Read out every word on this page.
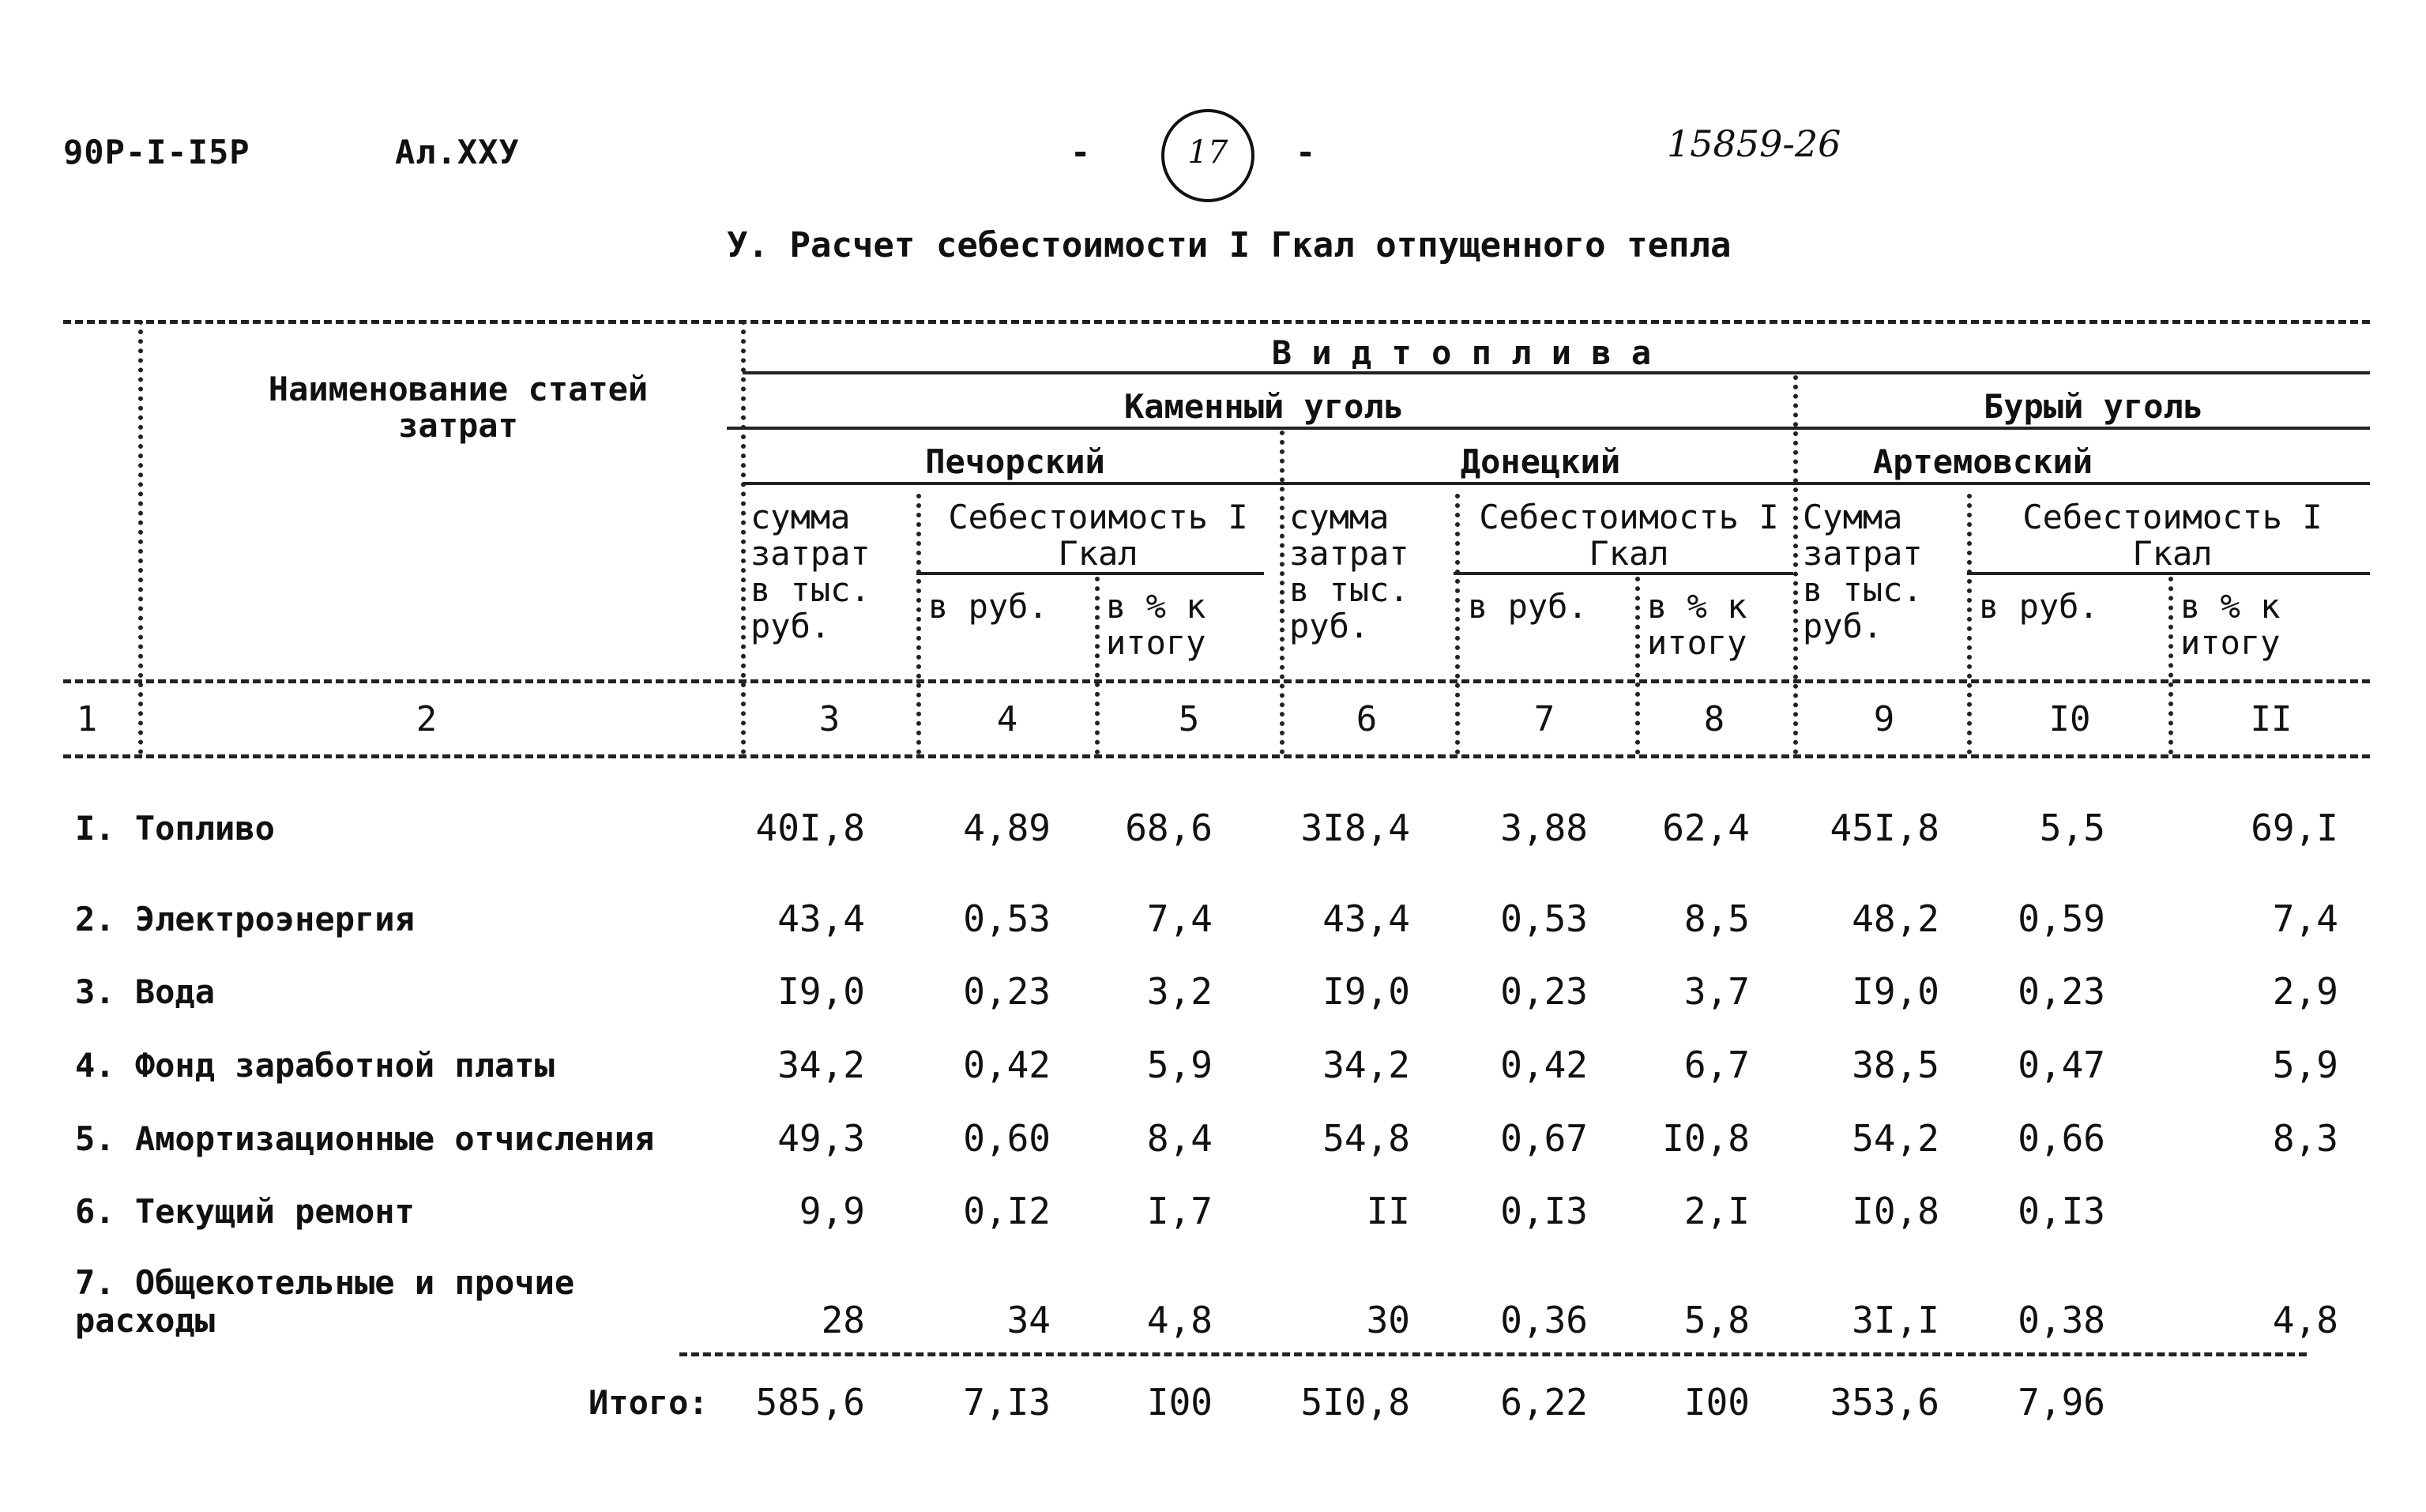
90Р-I-I5Р	Ал.XXУ	-	17	-	15859-26
У. Расчет себестоимости I Гкал отпущенного тепла
Наименование статей затрат
В и д т о п л и в а
Каменный уголь	Бурый уголь
Печорский	Донецкий	Артемовский
сумма затрат в тыс. руб.
Себестоимость I Гкал
в руб. в % к итогу
сумма затрат в тыс. руб.
Себестоимость I Гкал
в руб. в % к итогу
Сумма затрат в тыс. руб.
Себестоимость I Гкал
в руб. в % к итогу
1	2	3	4	5	6	7	8	9	I0	II
I. Топливо	40I,8	4,89	68,6	3I8,4	3,88	62,4	45I,8	5,5	69,I
2. Электроэнергия	43,4	0,53	7,4	43,4	0,53	8,5	48,2	0,59	7,4
3. Вода	I9,0	0,23	3,2	I9,0	0,23	3,7	I9,0	0,23	2,9
4. Фонд заработной платы	34,2	0,42	5,9	34,2	0,42	6,7	38,5	0,47	5,9
5. Амортизационные отчисления	49,3	0,60	8,4	54,8	0,67	I0,8	54,2	0,66	8,3
6. Текущий ремонт	9,9	0,I2	I,7	II	0,I3	2,I	I0,8	0,I3
7. Общекотельные и прочие расходы	28	34	4,8	30	0,36	5,8	3I,I	0,38	4,8
Итого:	585,6	7,I3	I00	5I0,8	6,22	I00	353,6	7,96
